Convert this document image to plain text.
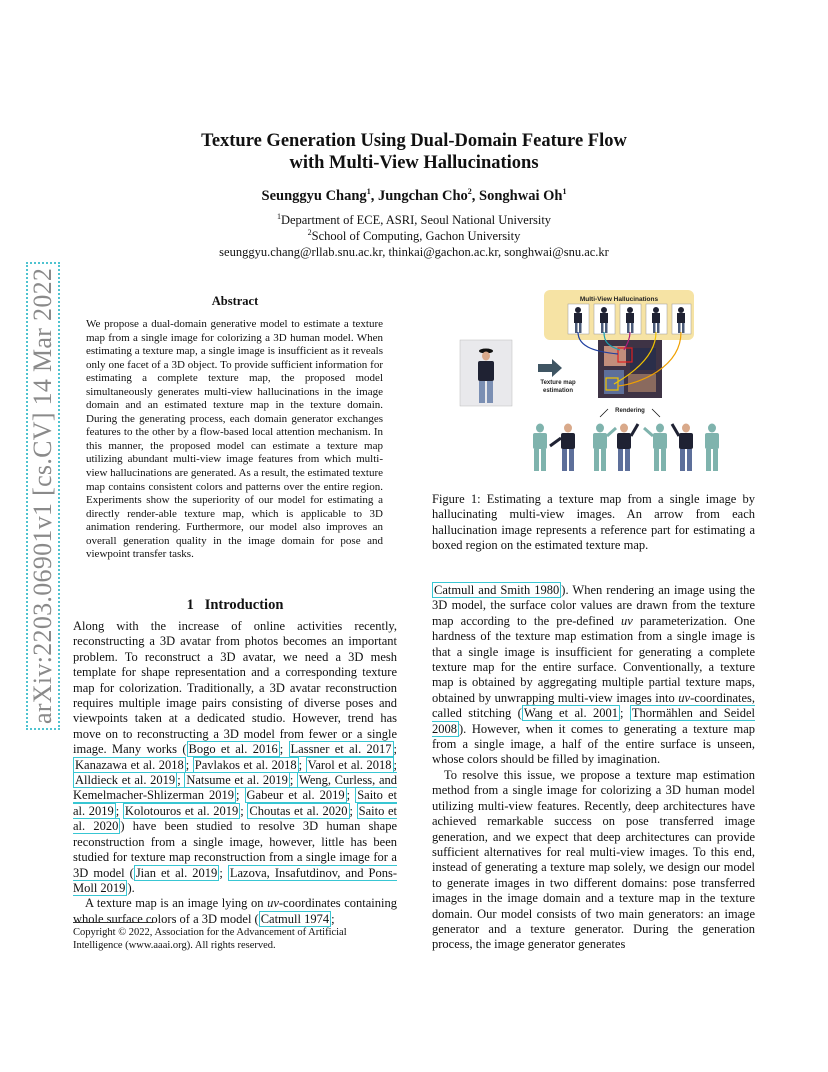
arXiv:2203.06901v1 [cs.CV] 14 Mar 2022
Texture Generation Using Dual-Domain Feature Flow
with Multi-View Hallucinations
Seunggyu Chang$^1$, Jungchan Cho$^2$, Songhwai Oh$^1$
$^1$Department of ECE, ASRI, Seoul National University
$^2$School of Computing, Gachon University
seunggyu.chang@rllab.snu.ac.kr, thinkai@gachon.ac.kr, songhwai@snu.ac.kr
Abstract
We propose a dual-domain generative model to estimate a texture map from a single image for colorizing a 3D human model. When estimating a texture map, a single image is insufficient as it reveals only one facet of a 3D object. To provide sufficient information for estimating a complete texture map, the proposed model simultaneously generates multi-view hallucinations in the image domain and an estimated texture map in the texture domain. During the generating process, each domain generator exchanges features to the other by a flow-based local attention mechanism. In this manner, the proposed model can estimate a texture map utilizing abundant multi-view image features from which multi-view hallucinations are generated. As a result, the estimated texture map contains consistent colors and patterns over the entire region. Experiments show the superiority of our model for estimating a directly render-able texture map, which is applicable to 3D animation rendering. Furthermore, our model also improves an overall generation quality in the image domain for pose and viewpoint transfer tasks.
1 Introduction

Along with the increase of online activities recently, reconstructing a 3D avatar from photos becomes an important problem. To reconstruct a 3D avatar, we need a 3D mesh template for shape representation and a corresponding texture map for colorization. Traditionally, a 3D avatar reconstruction requires multiple image pairs consisting of diverse poses and viewpoints taken at a dedicated studio. However, trend has move on to reconstructing a 3D model from fewer or a single image. Many works ( Bogo et al. 2016 ; Lassner et al. 2017 ; Kanazawa et al. 2018 ; Pavlakos et al. 2018 ; Varol et al. 2018 ; Alldieck et al. 2019 ; Natsume et al. 2019 ; Weng, Curless, and Kemelmacher-Shlizerman 2019 ; Gabeur et al. 2019 ; Saito et al. 2019 ; Kolotouros et al. 2019 ; Choutas et al. 2020 ; Saito et al. 2020 ) have been studied to resolve 3D human shape reconstruction from a single image, however, little has been studied for texture map reconstruction from a single image for a 3D model ( Jian et al. 2019 ; Lazova, Insafutdinov, and Pons-Moll 2019 ).

A texture map is an image lying on uv-coordinates containing whole surface colors of a 3D model ( Catmull 1974 ;

Copyright © 2022, Association for the Advancement of Artificial Intelligence (www.aaai.org). All rights reserved.
Multi-View Hallucinations
Texture map
estimation
Rendering
Figure 1: Estimating a texture map from a single image by hallucinating multi-view images. An arrow from each hallucination image represents a reference part for estimating a boxed region on the estimated texture map.

Catmull and Smith 1980 ). When rendering an image using the 3D model, the surface color values are drawn from the texture map according to the pre-defined uv parameterization. One hardness of the texture map estimation from a single image is that a single image is insufficient for generating a complete texture map for the entire surface. Conventionally, a texture map is obtained by aggregating multiple partial texture maps, obtained by unwrapping multi-view images into uv-coordinates, called stitching ( Wang et al. 2001 ; Thormählen and Seidel 2008 ). However, when it comes to generating a texture map from a single image, a half of the entire surface is unseen, whose colors should be filled by imagination.

To resolve this issue, we propose a texture map estimation method from a single image for colorizing a 3D human model utilizing multi-view features. Recently, deep architectures have achieved remarkable success on pose transferred image generation, and we expect that deep architectures can provide sufficient alternatives for real multi-view images. To this end, instead of generating a texture map solely, we design our model to generate images in two different domains: pose transferred images in the image domain and a texture map in the texture domain. Our model consists of two main generators: an image generator and a texture generator. During the generation process, the image generator generates
